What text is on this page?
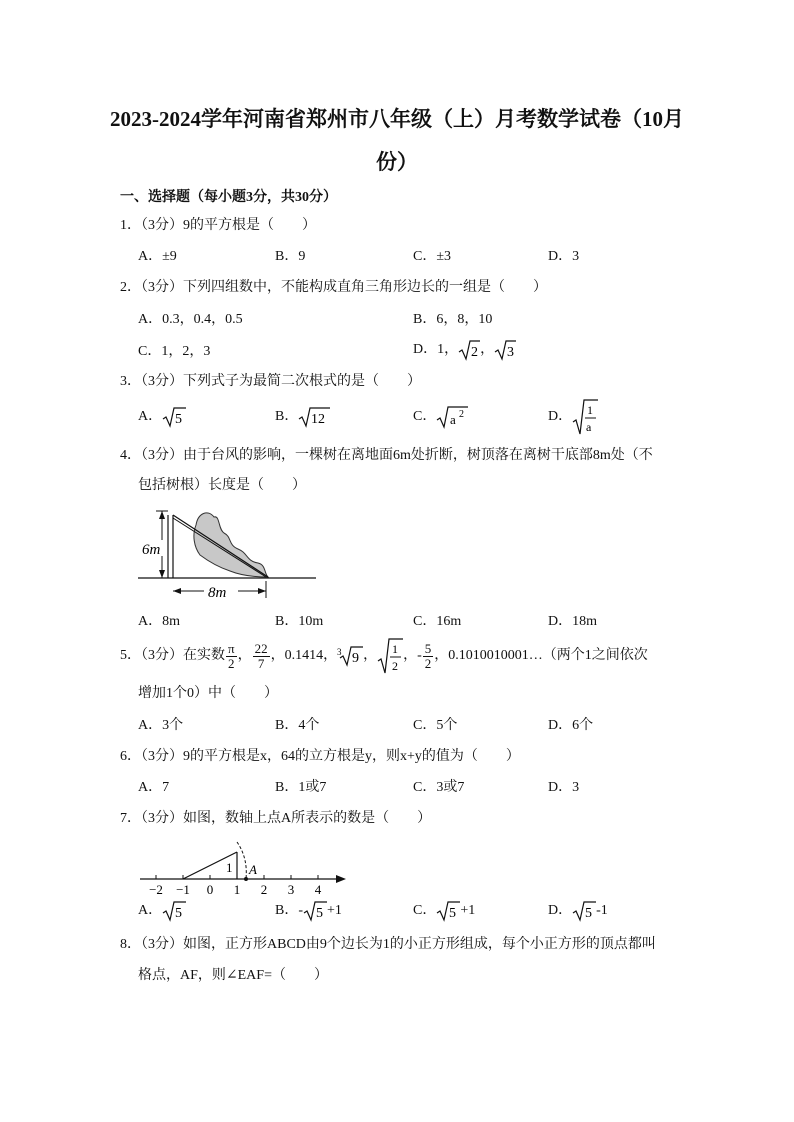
2023-2024学年河南省郑州市八年级（上）月考数学试卷（10月
份）
一、选择题（每小题3分，共30分）
1．（3分）9的平方根是（　　）
A．±9	B．9	C．±3	D．3
2．（3分）下列四组数中，不能构成直角三角形边长的一组是（　　）
A．0.3，0.4，0.5	B．6，8，10
C．1，2，3	D．1， 2 ， 3
3．（3分）下列式子为最简二次根式的是（　　）
A． 5	B． 12	C． a 2	D． 1
a
4．（3分）由于台风的影响，一棵树在离地面6m处折断，树顶落在离树干底部8m处（不
包括树根）长度是（　　）
8m
6m
A．8m	B．10m	C．16m	D．18m
5．（3分）在实数 $\frac{\pi}{2}$ ， $\frac{22}{7}$ ，0.1414， 3 9 ， 1
2
，- $\frac{5}{2}$ ，0.1010010001…（两个1之间依次
增加1个0）中（　　）
A．3个	B．4个	C．5个	D．6个
6．（3分）9的平方根是x，64的立方根是y，则x+y的值为（　　）
A．7	B．1或7	C．3或7	D．3
7．（3分）如图，数轴上点A所表示的数是（　　）
−2 −1 0 1 2 3 4
1 A
A． 5	B．- 5 +1	C． 5 +1	D． 5 -1
8．（3分）如图，正方形ABCD由9个边长为1的小正方形组成，每个小正方形的顶点都叫
格点，AF，则∠EAF=（　　）
